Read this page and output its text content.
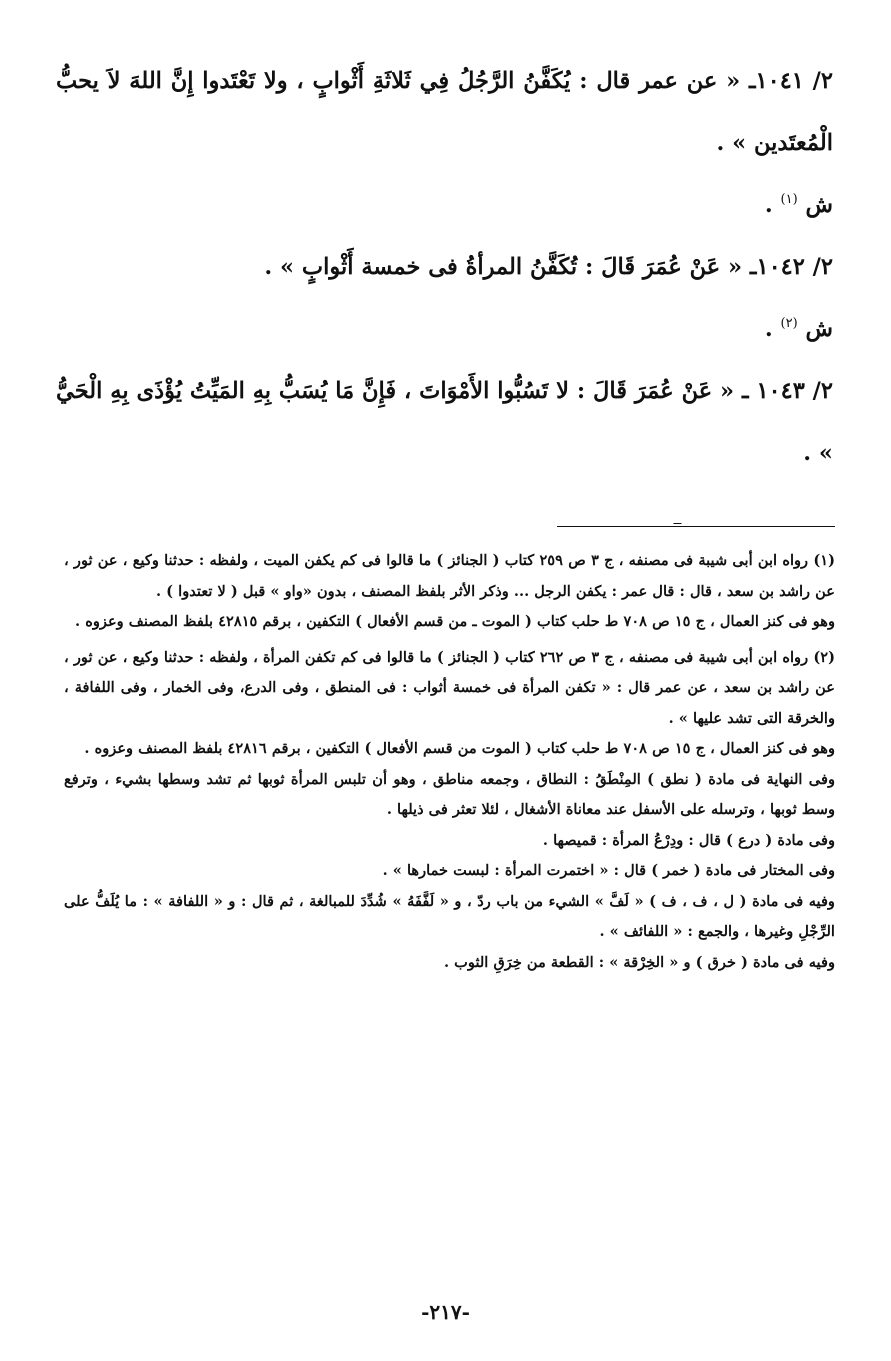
٢/ ١٠٤١ـ « عن عمر قال : يُكَفَّنُ الرَّجُلُ فِي ثَلاثَةِ أَثْوابٍ ، ولا تَعْتَدوا إِنَّ اللهَ لاَ يحبُّ الْمُعتَدين » .

ش $^{(١)}$ .

٢/ ١٠٤٢ـ « عَنْ عُمَرَ قَالَ : تُكَفَّنُ المرأةُ فى خمسة أَثْوابٍ » .

ش $^{(٢)}$ .

٢/ ١٠٤٣ ـ « عَنْ عُمَرَ قَالَ : لا تَسُبُّوا الأَمْوَاتَ ، فَإِنَّ مَا يُسَبُّ بِهِ المَيِّتُ يُؤْذَى بِهِ الْحَيُّ » .

(١) رواه ابن أبى شيبة فى مصنفه ، ج ٣ ص ٢٥٩ كتاب ( الجنائز ) ما قالوا فى كم يكفن الميت ، ولفظه : حدثنا وكيع ، عن ثور ، عن راشد بن سعد ، قال : قال عمر : يكفن الرجل ... وذكر الأثر بلفظ المصنف ، بدون «واو » قبل ( لا تعتدوا ) .

وهو فى كنز العمال ، ج ١٥ ص ٧٠٨ ط حلب كتاب ( الموت ـ من قسم الأفعال ) التكفين ، برقم ٤٢٨١٥ بلفظ المصنف وعزوه .

(٢) رواه ابن أبى شيبة فى مصنفه ، ج ٣ ص ٢٦٢ كتاب ( الجنائز ) ما قالوا فى كم تكفن المرأة ، ولفظه : حدثنا وكيع ، عن ثور ، عن راشد بن سعد ، عن عمر قال : « تكفن المرأة فى خمسة أثواب : فى المنطق ، وفى الدرع، وفى الخمار ، وفى اللفافة ، والخرقة التى تشد عليها » .

وهو فى كنز العمال ، ج ١٥ ص ٧٠٨ ط حلب كتاب ( الموت من قسم الأفعال ) التكفين ، برقم ٤٢٨١٦ بلفظ المصنف وعزوه .

وفى النهاية فى مادة ( نطق ) المِنْطَقُ : النطاق ، وجمعه مناطق ، وهو أن تلبس المرأة ثوبها ثم تشد وسطها بشيء ، وترفع وسط ثوبها ، وترسله على الأسفل عند معاناة الأشغال ، لئلا تعثر فى ذيلها .

وفى مادة ( درع ) قال : ودِرْعُ المرأة : قميصها .

وفى المختار فى مادة ( خمر ) قال : « اختمرت المرأة : لبست خمارها » .

وفيه فى مادة ( ل ، ف ، ف ) « لَفَّ » الشيء من باب ردّ ، و « لَفَّفَهُ » شُدِّدَ للمبالغة ، ثم قال : و « اللفافة » : ما يُلَفُّ على الرِّجْلِ وغيرها ، والجمع : « اللفائف » .

وفيه فى مادة ( خرق ) و « الخِرْقة » : القطعة من خِرَقِ الثوب .

-٢١٧-
